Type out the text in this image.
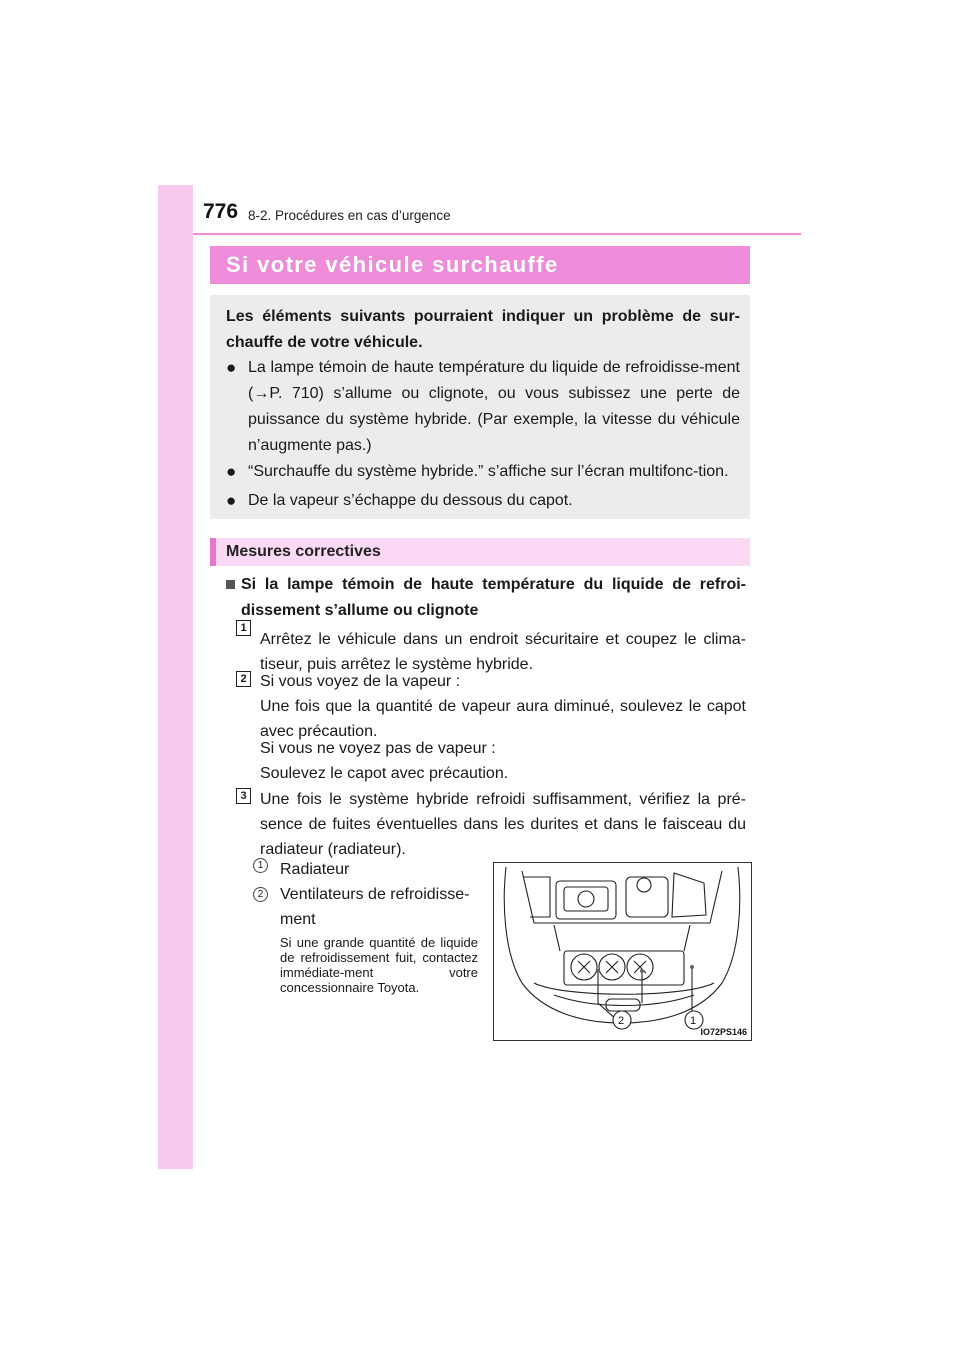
776 8-2. Procédures en cas d’urgence
Si votre véhicule surchauffe
Les éléments suivants pourraient indiquer un problème de sur-chauffe de votre véhicule.
● La lampe témoin de haute température du liquide de refroidisse-ment (→P. 710) s’allume ou clignote, ou vous subissez une perte de puissance du système hybride. (Par exemple, la vitesse du véhicule n’augmente pas.)
● “Surchauffe du système hybride.” s’affiche sur l’écran multifonc-tion.
● De la vapeur s’échappe du dessous du capot.
Mesures correctives
Si la lampe témoin de haute température du liquide de refroi-dissement s’allume ou clignote
1
Arrêtez le véhicule dans un endroit sécuritaire et coupez le clima-tiseur, puis arrêtez le système hybride.
2 Si vous voyez de la vapeur :
Une fois que la quantité de vapeur aura diminué, soulevez le capot avec précaution.
Si vous ne voyez pas de vapeur :
Soulevez le capot avec précaution.
3 Une fois le système hybride refroidi suffisamment, vérifiez la pré-sence de fuites éventuelles dans les durites et dans le faisceau du radiateur (radiateur).
1 Radiateur
2 Ventilateurs de refroidisse-ment
Si une grande quantité de liquide de refroidissement fuit, contactez immédiate-ment votre concessionnaire Toyota.
2	1
IO72PS146
